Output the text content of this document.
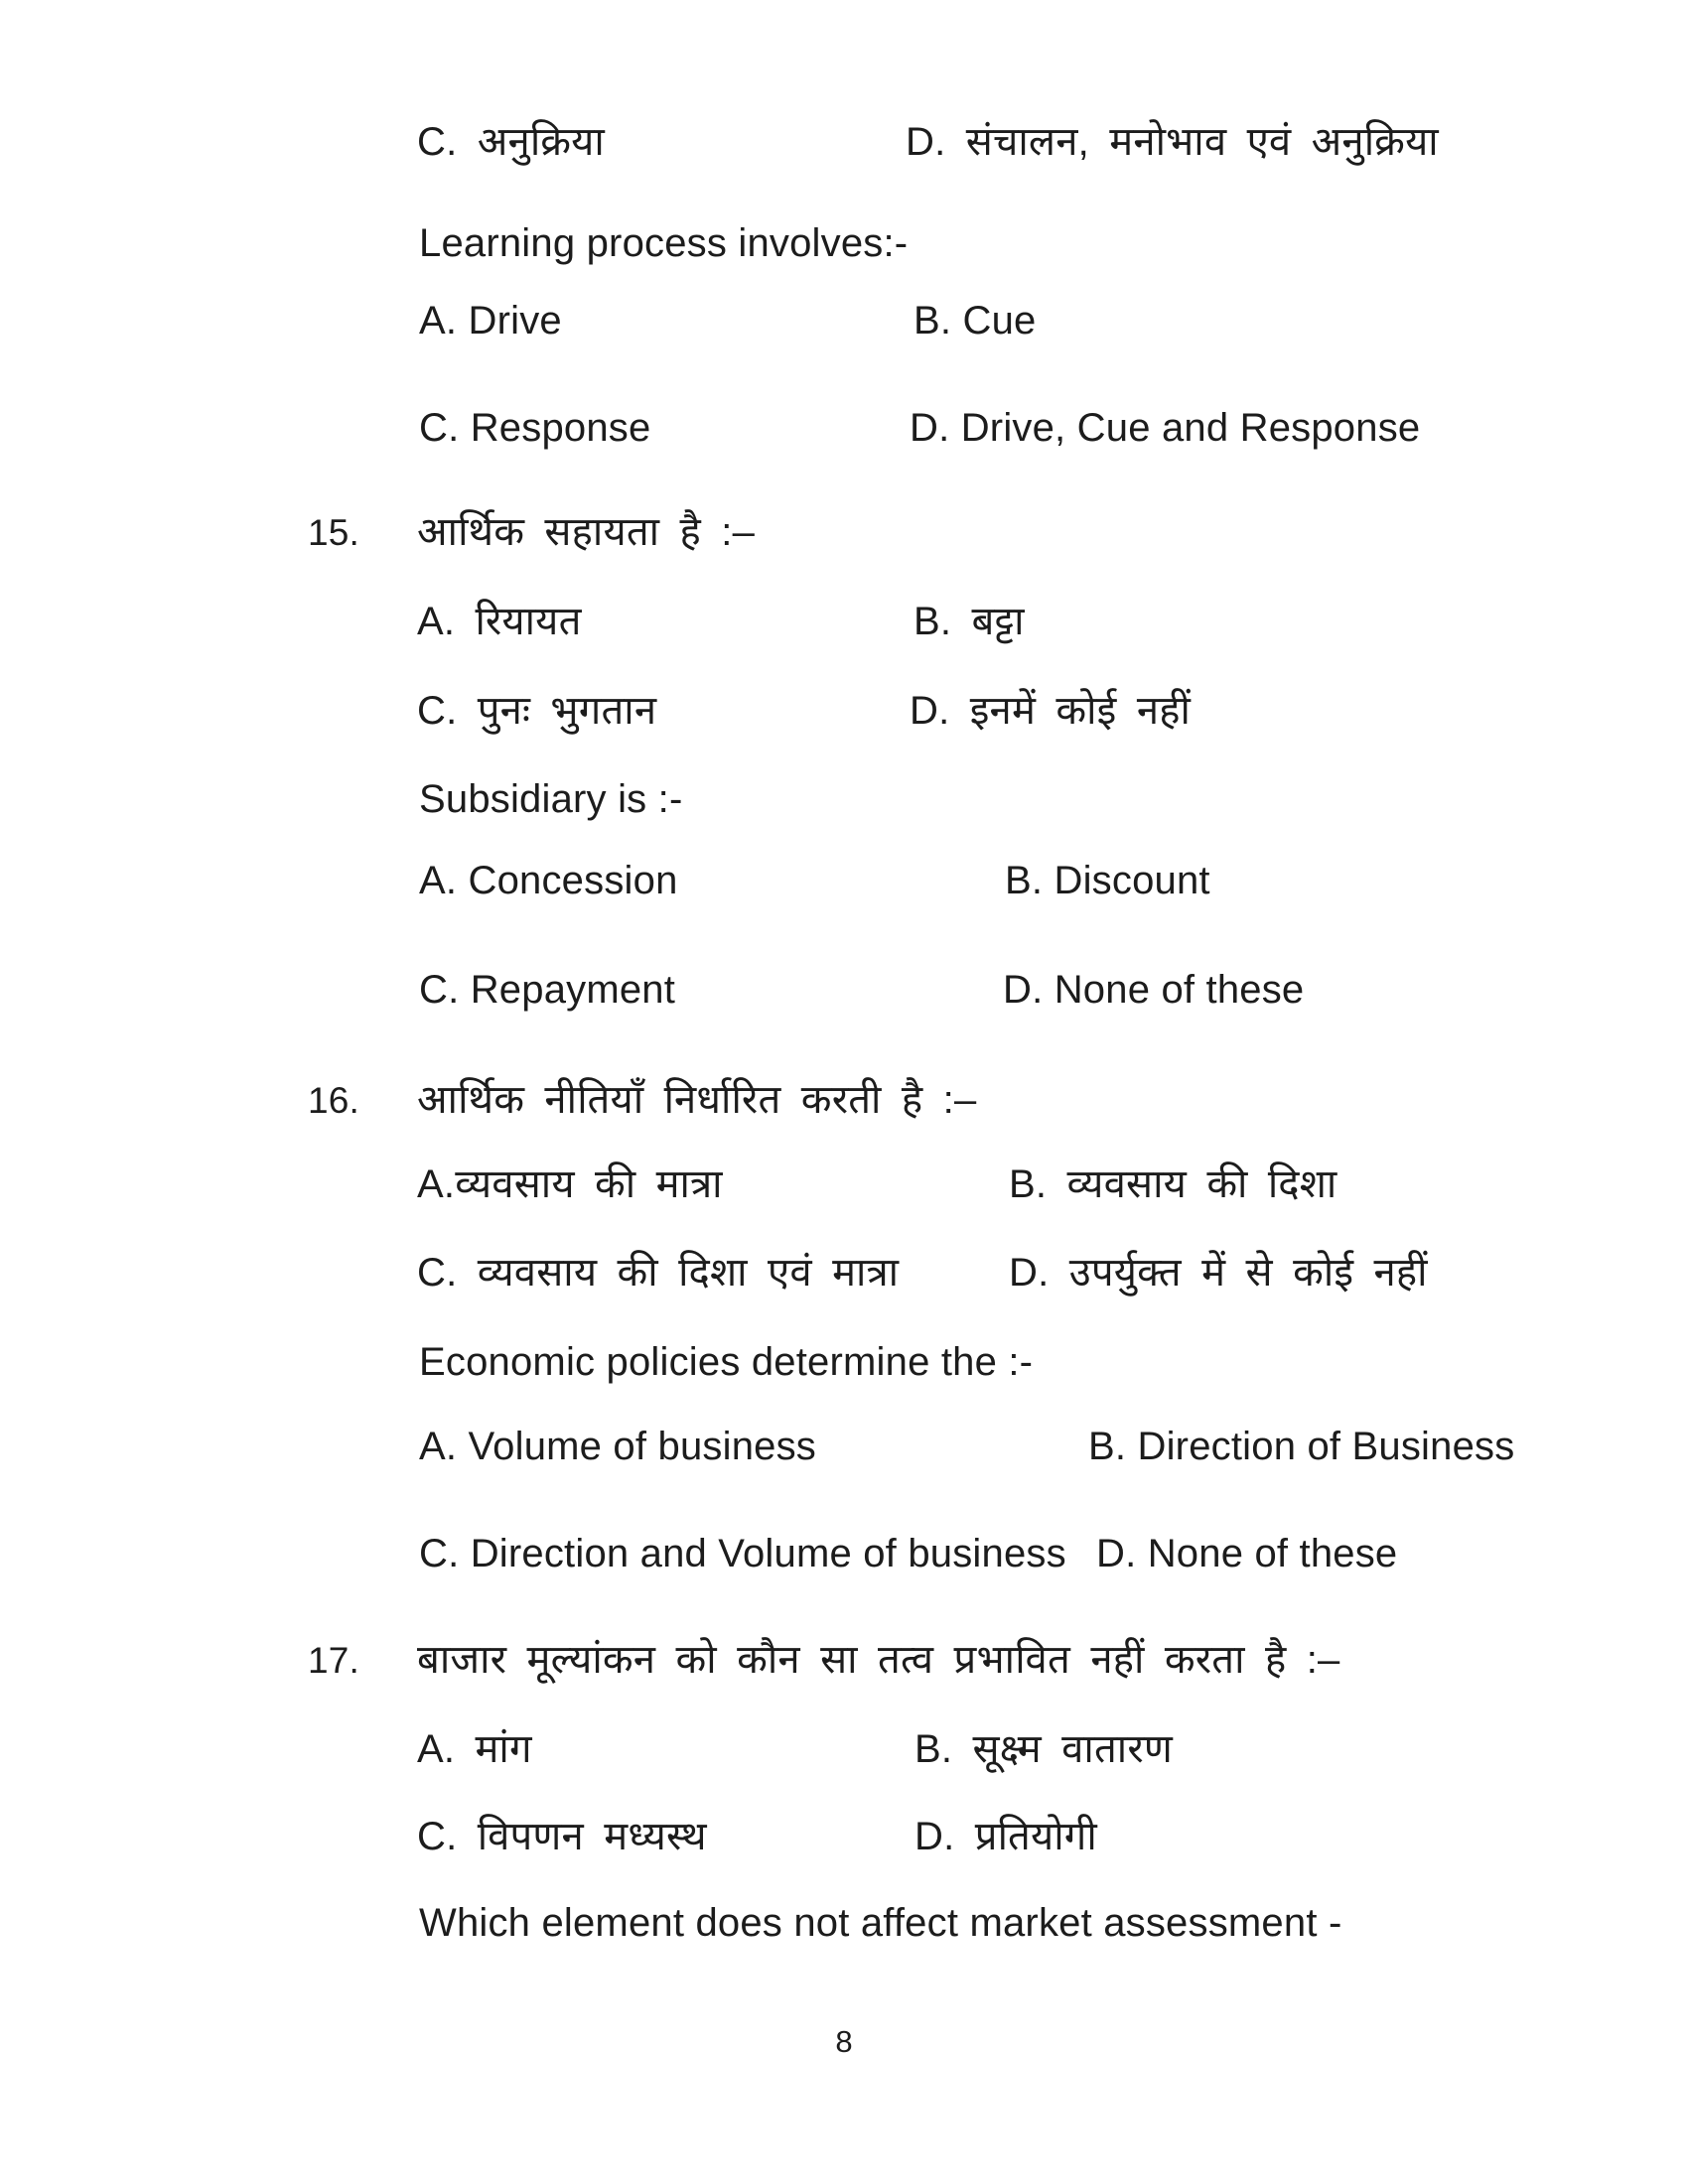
C. अनुक्रिया	D. संचालन, मनोभाव एवं अनुक्रिया
Learning process involves:-
A. Drive	B. Cue
C. Response	D. Drive, Cue and Response
15. आर्थिक सहायता है :–
A. रियायत	B. बट्टा
C. पुनः भुगतान	D. इनमें कोई नहीं
Subsidiary is :-
A. Concession	B. Discount
C. Repayment	D. None of these
16. आर्थिक नीतियाँ निर्धारित करती है :–
A.व्यवसाय की मात्रा	B. व्यवसाय की दिशा
C. व्यवसाय की दिशा एवं मात्रा	D. उपर्युक्त में से कोई नहीं
Economic policies determine the :-
A. Volume of business	B. Direction of Business
C. Direction and Volume of business D. None of these
17. बाजार मूल्यांकन को कौन सा तत्व प्रभावित नहीं करता है :–
A. मांग	B. सूक्ष्म वातारण
C. विपणन मध्यस्थ	D. प्रतियोगी
Which element does not affect market assessment -
8
